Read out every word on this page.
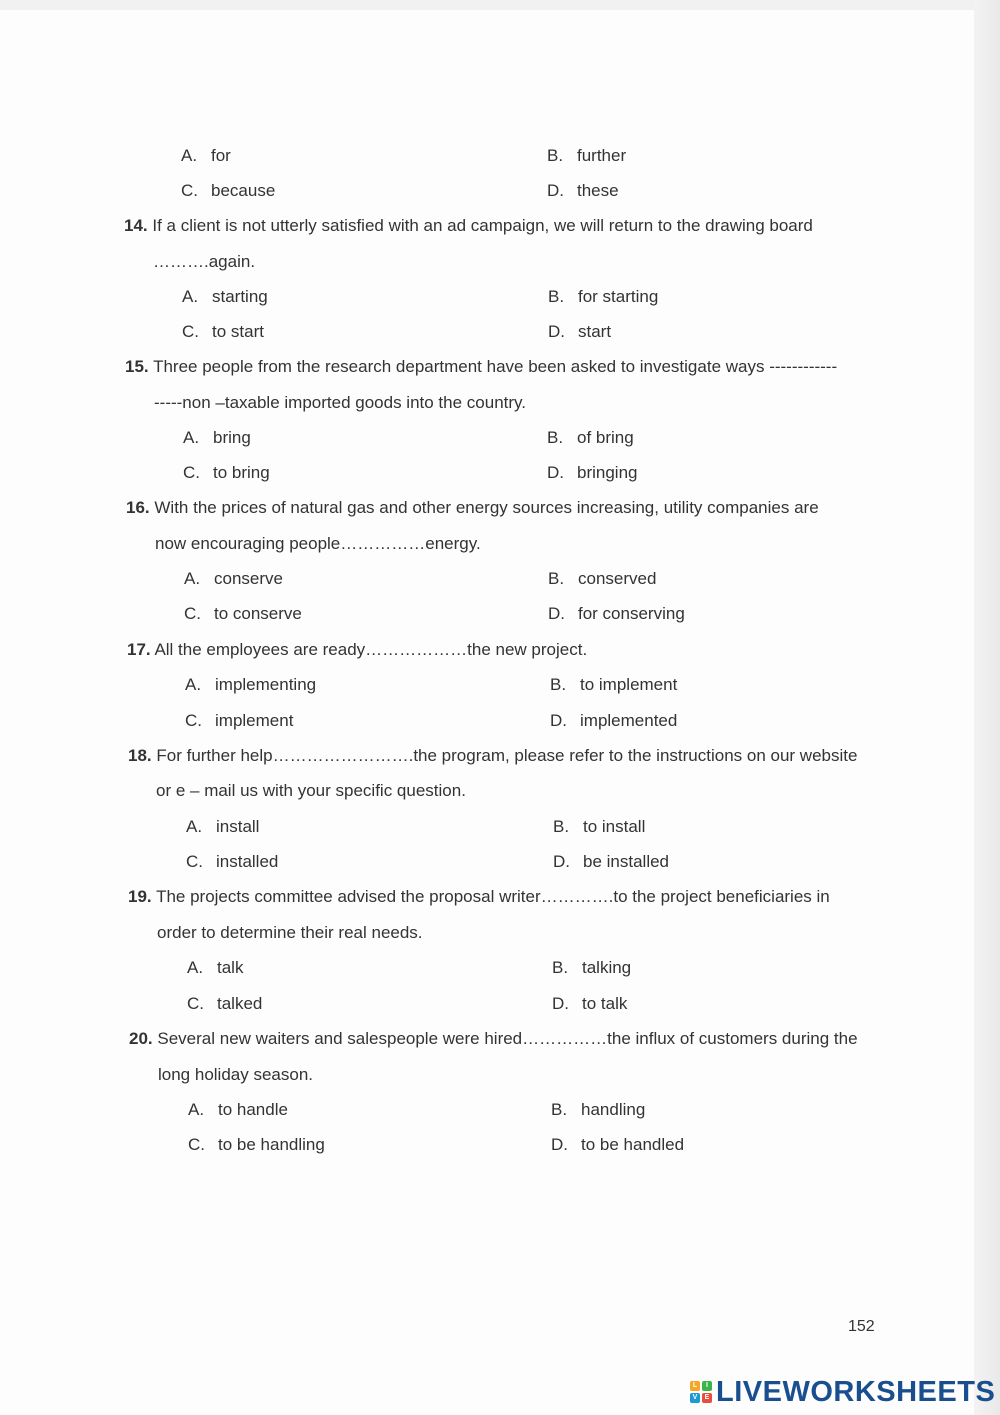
A. for	B. further
C. because	D. these
14. If a client is not utterly satisfied with an ad campaign, we will return to the drawing board
……….again.
A. starting	B. for starting
C. to start	D. start
15. Three people from the research department have been asked to investigate ways ------------
-----non –taxable imported goods into the country.
A. bring	B. of bring
C. to bring	D. bringing
16. With the prices of natural gas and other energy sources increasing, utility companies are
now encouraging people……………energy.
A. conserve	B. conserved
C. to conserve	D. for conserving
17. All the employees are ready………………the new project.
A. implementing	B. to implement
C. implement	D. implemented
18. For further help…………………….the program, please refer to the instructions on our website
or e – mail us with your specific question.
A. install	B. to install
C. installed	D. be installed
19. The projects committee advised the proposal writer………….to the project beneficiaries in
order to determine their real needs.
A. talk	B. talking
C. talked	D. to talk
20. Several new waiters and salespeople were hired……………the influx of customers during the
long holiday season.
A. to handle	B. handling
C. to be handling	D. to be handled
152
L	I
V	E LIVEWORKSHEETS
